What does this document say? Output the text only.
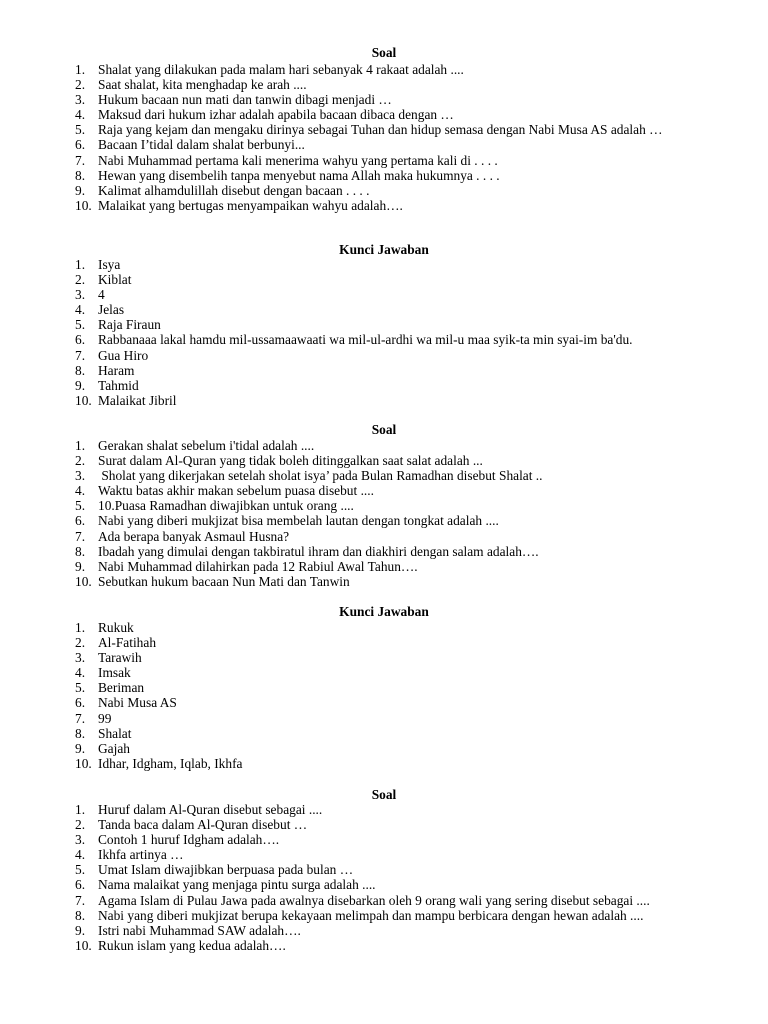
Soal
1. Shalat yang dilakukan pada malam hari sebanyak 4 rakaat adalah ....
2. Saat shalat, kita menghadap ke arah ....
3. Hukum bacaan nun mati dan tanwin dibagi menjadi …
4. Maksud dari hukum izhar adalah apabila bacaan dibaca dengan …
5. Raja yang kejam dan mengaku dirinya sebagai Tuhan dan hidup semasa dengan Nabi Musa AS adalah …
6. Bacaan I’tidal dalam shalat berbunyi...
7. Nabi Muhammad pertama kali menerima wahyu yang pertama kali di . . . .
8. Hewan yang disembelih tanpa menyebut nama Allah maka hukumnya . . . .
9. Kalimat alhamdulillah disebut dengan bacaan . . . .
10. Malaikat yang bertugas menyampaikan wahyu adalah….
Kunci Jawaban
1. Isya
2. Kiblat
3. 4
4. Jelas
5. Raja Firaun
6. Rabbanaaa lakal hamdu mil-ussamaawaati wa mil-ul-ardhi wa mil-u maa syik-ta min syai-im ba'du.
7. Gua Hiro
8. Haram
9. Tahmid
10. Malaikat Jibril
Soal
1. Gerakan shalat sebelum i'tidal adalah ....
2. Surat dalam Al-Quran yang tidak boleh ditinggalkan saat salat adalah ...
3. Sholat yang dikerjakan setelah sholat isya’ pada Bulan Ramadhan disebut Shalat ..
4. Waktu batas akhir makan sebelum puasa disebut ....
5. 10.Puasa Ramadhan diwajibkan untuk orang ....
6. Nabi yang diberi mukjizat bisa membelah lautan dengan tongkat adalah ....
7. Ada berapa banyak Asmaul Husna?
8. Ibadah yang dimulai dengan takbiratul ihram dan diakhiri dengan salam adalah….
9. Nabi Muhammad dilahirkan pada 12 Rabiul Awal Tahun….
10. Sebutkan hukum bacaan Nun Mati dan Tanwin
Kunci Jawaban
1. Rukuk
2. Al-Fatihah
3. Tarawih
4. Imsak
5. Beriman
6. Nabi Musa AS
7. 99
8. Shalat
9. Gajah
10. Idhar, Idgham, Iqlab, Ikhfa
Soal
1. Huruf dalam Al-Quran disebut sebagai ....
2. Tanda baca dalam Al-Quran disebut …
3. Contoh 1 huruf Idgham adalah….
4. Ikhfa artinya …
5. Umat Islam diwajibkan berpuasa pada bulan …
6. Nama malaikat yang menjaga pintu surga adalah ....
7. Agama Islam di Pulau Jawa pada awalnya disebarkan oleh 9 orang wali yang sering disebut sebagai ....
8. Nabi yang diberi mukjizat berupa kekayaan melimpah dan mampu berbicara dengan hewan adalah ....
9. Istri nabi Muhammad SAW adalah….
10. Rukun islam yang kedua adalah….
